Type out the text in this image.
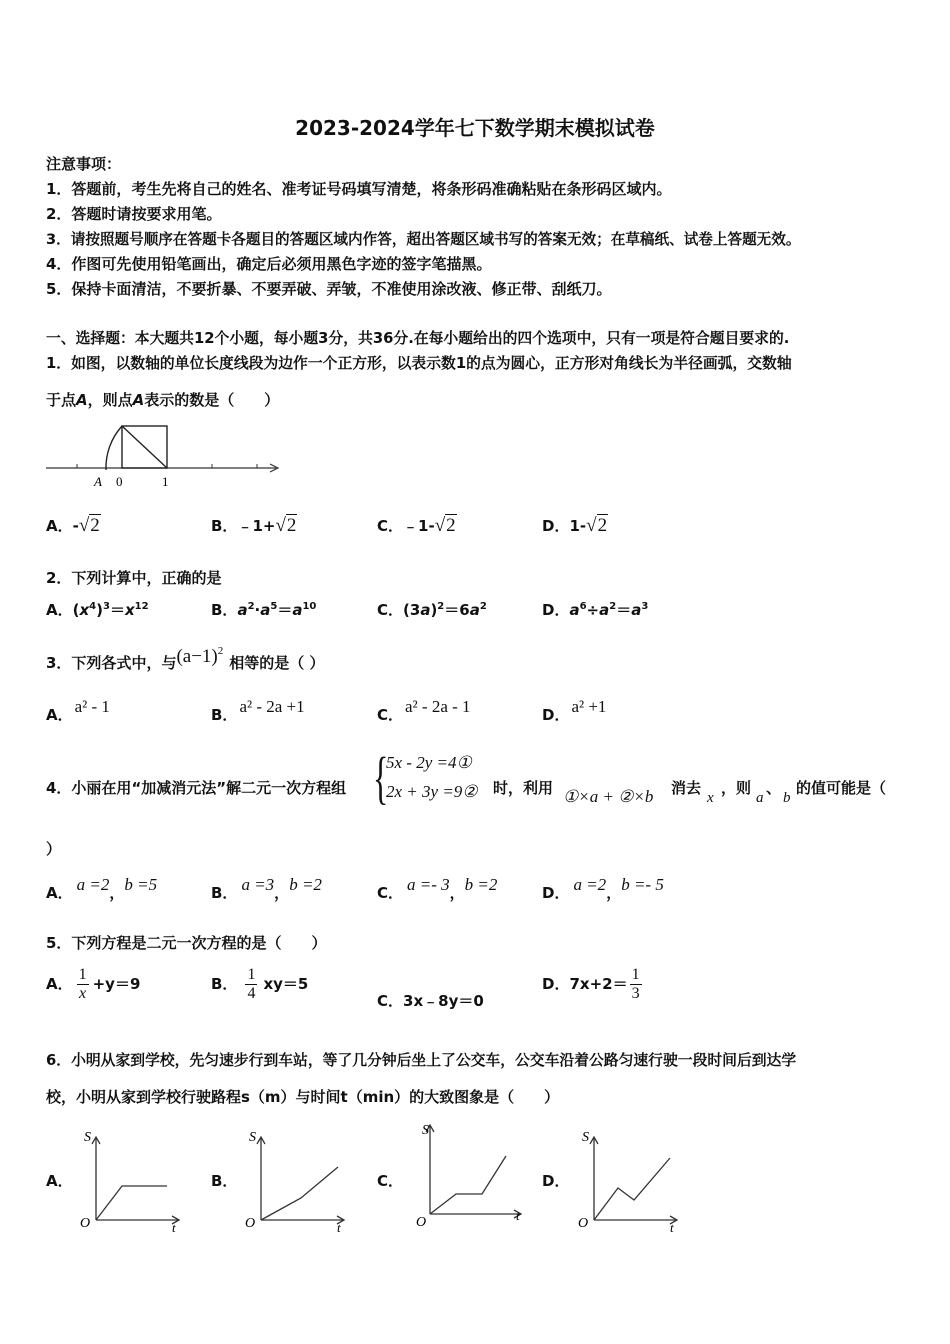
2023-2024学年七下数学期末模拟试卷
注意事项：
1．答题前，考生先将自己的姓名、准考证号码填写清楚，将条形码准确粘贴在条形码区域内。
2．答题时请按要求用笔。
3．请按照题号顺序在答题卡各题目的答题区域内作答，超出答题区域书写的答案无效；在草稿纸、试卷上答题无效。
4．作图可先使用铅笔画出，确定后必须用黑色字迹的签字笔描黑。
5．保持卡面清洁，不要折暴、不要弄破、弄皱，不准使用涂改液、修正带、刮纸刀。
一、选择题：本大题共12个小题，每小题3分，共36分.在每小题给出的四个选项中，只有一项是符合题目要求的.
1．如图，以数轴的单位长度线段为边作一个正方形，以表示数1的点为圆心，正方形对角线长为半径画弧，交数轴
于点A，则点A表示的数是（　　）
A 0	1
A．-√2	B．﹣1+√2	C．﹣1-√2	D．1-√2
2．下列计算中，正确的是
A．$(x^4)^3=x^{12}$	B．$a^2\cdot a^5=a^{10}$	C．$(3a)^2=6a^2$	D．$a^6\div a^2=a^3$
3．下列各式中，与$(a-1)^2$相等的是（ ）
A． a² - 1	B． a² - 2a +1	C． a² - 2a - 1	D． a² +1
4．小丽在用“加减消元法”解二元一次方程组 {
5x - 2y =4①
2x + 3y =9② 时，利用 ①×a + ②×b 消去
x
，则
a
、
b
的值可能是（
）
A． a =2，b =5	B． a =3，b =2	C． a =- 3，b =2	D． a =2，b =- 5
5．下列方程是二元一次方程的是（　　）
A． $\frac{1}{x} +y=9$	B． $\frac{1}{4} xy=5$
C．3x﹣8y＝0
D．$7x+2= \frac{1}{3}$
6．小明从家到学校，先匀速步行到车站，等了几分钟后坐上了公交车，公交车沿着公路匀速行驶一段时间后到达学
校，小明从家到学校行驶路程s（m）与时间t（min）的大致图象是（　　）
A．
S
t
O
B．
S
t
O
C．
S
t
O
D．
S
t
O
